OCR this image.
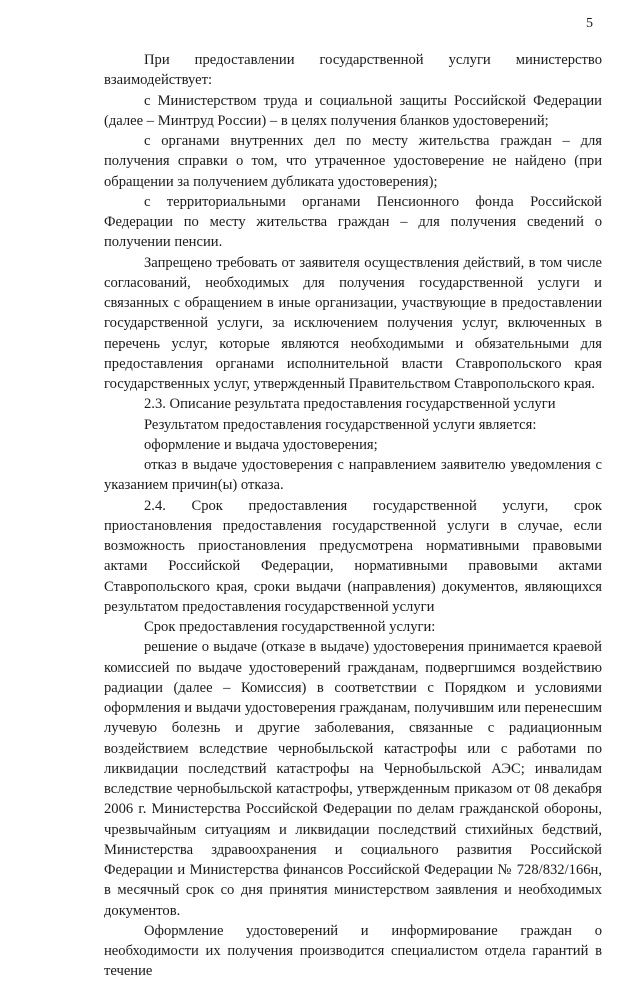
5

При предоставлении государственной услуги министерство взаимодействует:

с Министерством труда и социальной защиты Российской Федерации (далее – Минтруд России) – в целях получения бланков удостоверений;

с органами внутренних дел по месту жительства граждан – для получения справки о том, что утраченное удостоверение не найдено (при обращении за получением дубликата удостоверения);

с территориальными органами Пенсионного фонда Российской Федерации по месту жительства граждан – для получения сведений о получении пенсии.

Запрещено требовать от заявителя осуществления действий, в том числе согласований, необходимых для получения государственной услуги и связанных с обращением в иные организации, участвующие в предоставлении государственной услуги, за исключением получения услуг, включенных в перечень услуг, которые являются необходимыми и обязательными для предоставления органами исполнительной власти Ставропольского края государственных услуг, утвержденный Правительством Ставропольского края.

2.3. Описание результата предоставления государственной услуги

Результатом предоставления государственной услуги является:

оформление и выдача удостоверения;

отказ в выдаче удостоверения с направлением заявителю уведомления с указанием причин(ы) отказа.

2.4. Срок предоставления государственной услуги, срок приостановления предоставления государственной услуги в случае, если возможность приостановления предусмотрена нормативными правовыми актами Российской Федерации, нормативными правовыми актами Ставропольского края, сроки выдачи (направления) документов, являющихся результатом предоставления государственной услуги

Срок предоставления государственной услуги:

решение о выдаче (отказе в выдаче) удостоверения принимается краевой комиссией по выдаче удостоверений гражданам, подвергшимся воздействию радиации (далее – Комиссия) в соответствии с Порядком и условиями оформления и выдачи удостоверения гражданам, получившим или перенесшим лучевую болезнь и другие заболевания, связанные с радиационным воздействием вследствие чернобыльской катастрофы или с работами по ликвидации последствий катастрофы на Чернобыльской АЭС; инвалидам вследствие чернобыльской катастрофы, утвержденным приказом от 08 декабря 2006 г. Министерства Российской Федерации по делам гражданской обороны, чрезвычайным ситуациям и ликвидации последствий стихийных бедствий, Министерства здравоохранения и социального развития Российской Федерации и Министерства финансов Российской Федерации № 728/832/166н, в месячный срок со дня принятия министерством заявления и необходимых документов.

Оформление удостоверений и информирование граждан о необходимости их получения производится специалистом отдела гарантий в течение
